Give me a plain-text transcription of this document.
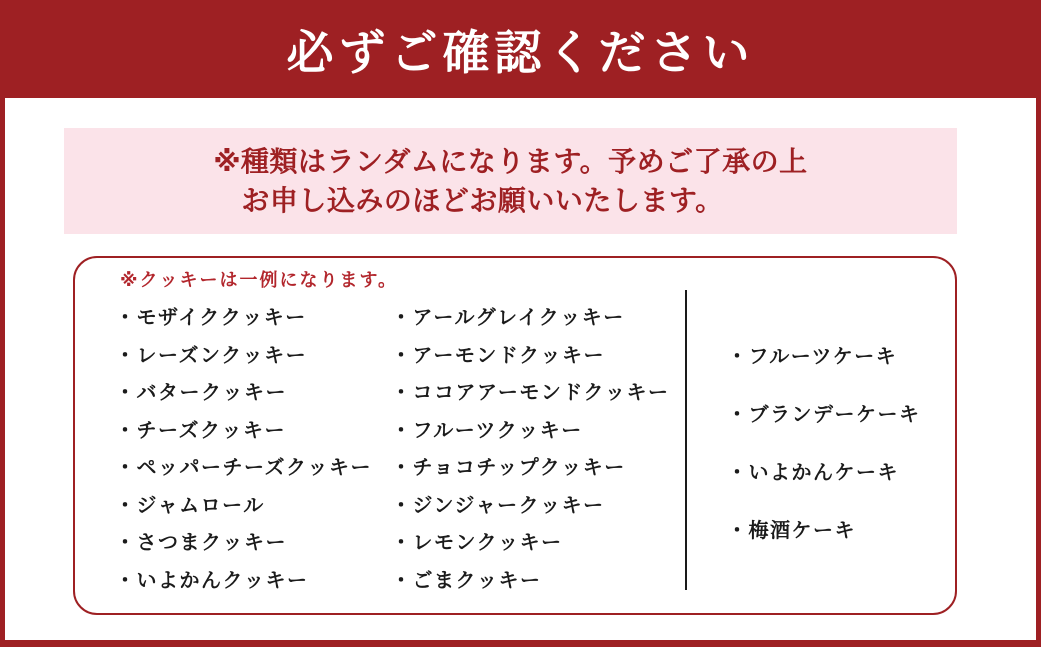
必ずご確認ください
※種類はランダムになります。予めご了承の上
お申し込みのほどお願いいたします。
※クッキーは一例になります。
・ モザイククッキー
・ レーズンクッキー
・ バタークッキー
・ チーズクッキー
・ ペッパーチーズクッキー
・ ジャムロール
・ さつまクッキー
・ いよかんクッキー
・ アールグレイクッキー
・ アーモンドクッキー
・ ココアアーモンドクッキー
・ フルーツクッキー
・ チョコチップクッキー
・ ジンジャークッキー
・ レモンクッキー
・ ごまクッキー
・ フルーツケーキ
・ ブランデーケーキ
・ いよかんケーキ
・ 梅酒ケーキ
